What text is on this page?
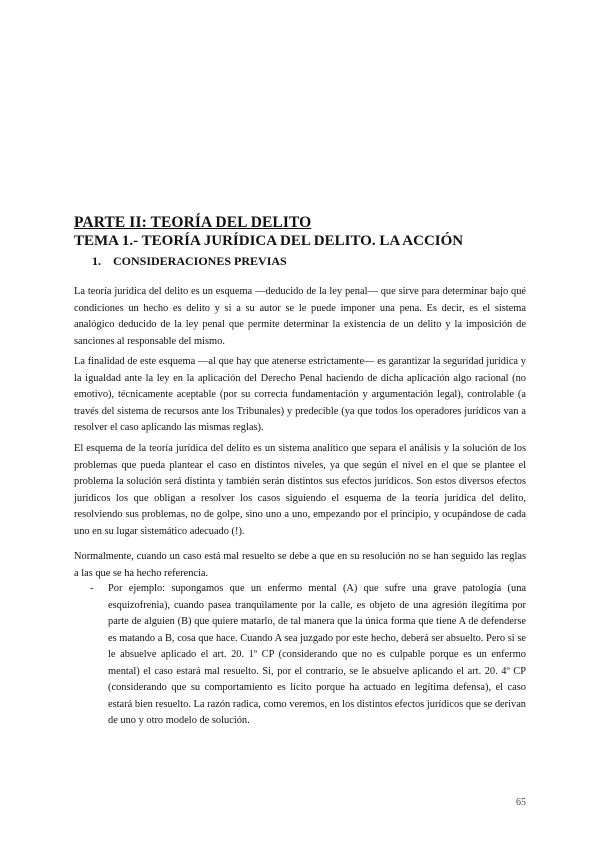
PARTE II: TEORÍA DEL DELITO
TEMA 1.- TEORÍA JURÍDICA DEL DELITO. LA ACCIÓN
1. CONSIDERACIONES PREVIAS

La teoría jurídica del delito es un esquema —deducido de la ley penal— que sirve para determinar bajo qué condiciones un hecho es delito y si a su autor se le puede imponer una pena. Es decir, es el sistema analógico deducido de la ley penal que permite determinar la existencia de un delito y la imposición de sanciones al responsable del mismo.

La finalidad de este esquema —al que hay que atenerse estrictamente— es garantizar la seguridad jurídica y la igualdad ante la ley en la aplicación del Derecho Penal haciendo de dicha aplicación algo racional (no emotivo), técnicamente aceptable (por su correcta fundamentación y argumentación legal), controlable (a través del sistema de recursos ante los Tribunales) y predecible (ya que todos los operadores jurídicos van a resolver el caso aplicando las mismas reglas).

El esquema de la teoría jurídica del delito es un sistema analítico que separa el análisis y la solución de los problemas que pueda plantear el caso en distintos niveles, ya que según el nivel en el que se plantee el problema la solución será distinta y también serán distintos sus efectos jurídicos. Son estos diversos efectos jurídicos los que obligan a resolver los casos siguiendo el esquema de la teoría jurídica del delito, resolviendo sus problemas, no de golpe, sino uno a uno, empezando por el principio, y ocupándose de cada uno en su lugar sistemático adecuado (!).

Normalmente, cuando un caso está mal resuelto se debe a que en su resolución no se han seguido las reglas a las que se ha hecho referencia.

- Por ejemplo: supongamos que un enfermo mental (A) que sufre una grave patología (una esquizofrenia), cuando pasea tranquilamente por la calle, es objeto de una agresión ilegítima por parte de alguien (B) que quiere matarlo, de tal manera que la única forma que tiene A de defenderse es matando a B, cosa que hace. Cuando A sea juzgado por este hecho, deberá ser absuelto. Pero si se le absuelve aplicado el art. 20. 1º CP (considerando que no es culpable porque es un enfermo mental) el caso estará mal resuelto. Si, por el contrario, se le absuelve aplicando el art. 20. 4º CP (considerando que su comportamiento es lícito porque ha actuado en legítima defensa), el caso estará bien resuelto. La razón radica, como veremos, en los distintos efectos jurídicos que se derivan de uno y otro modelo de solución.
65
